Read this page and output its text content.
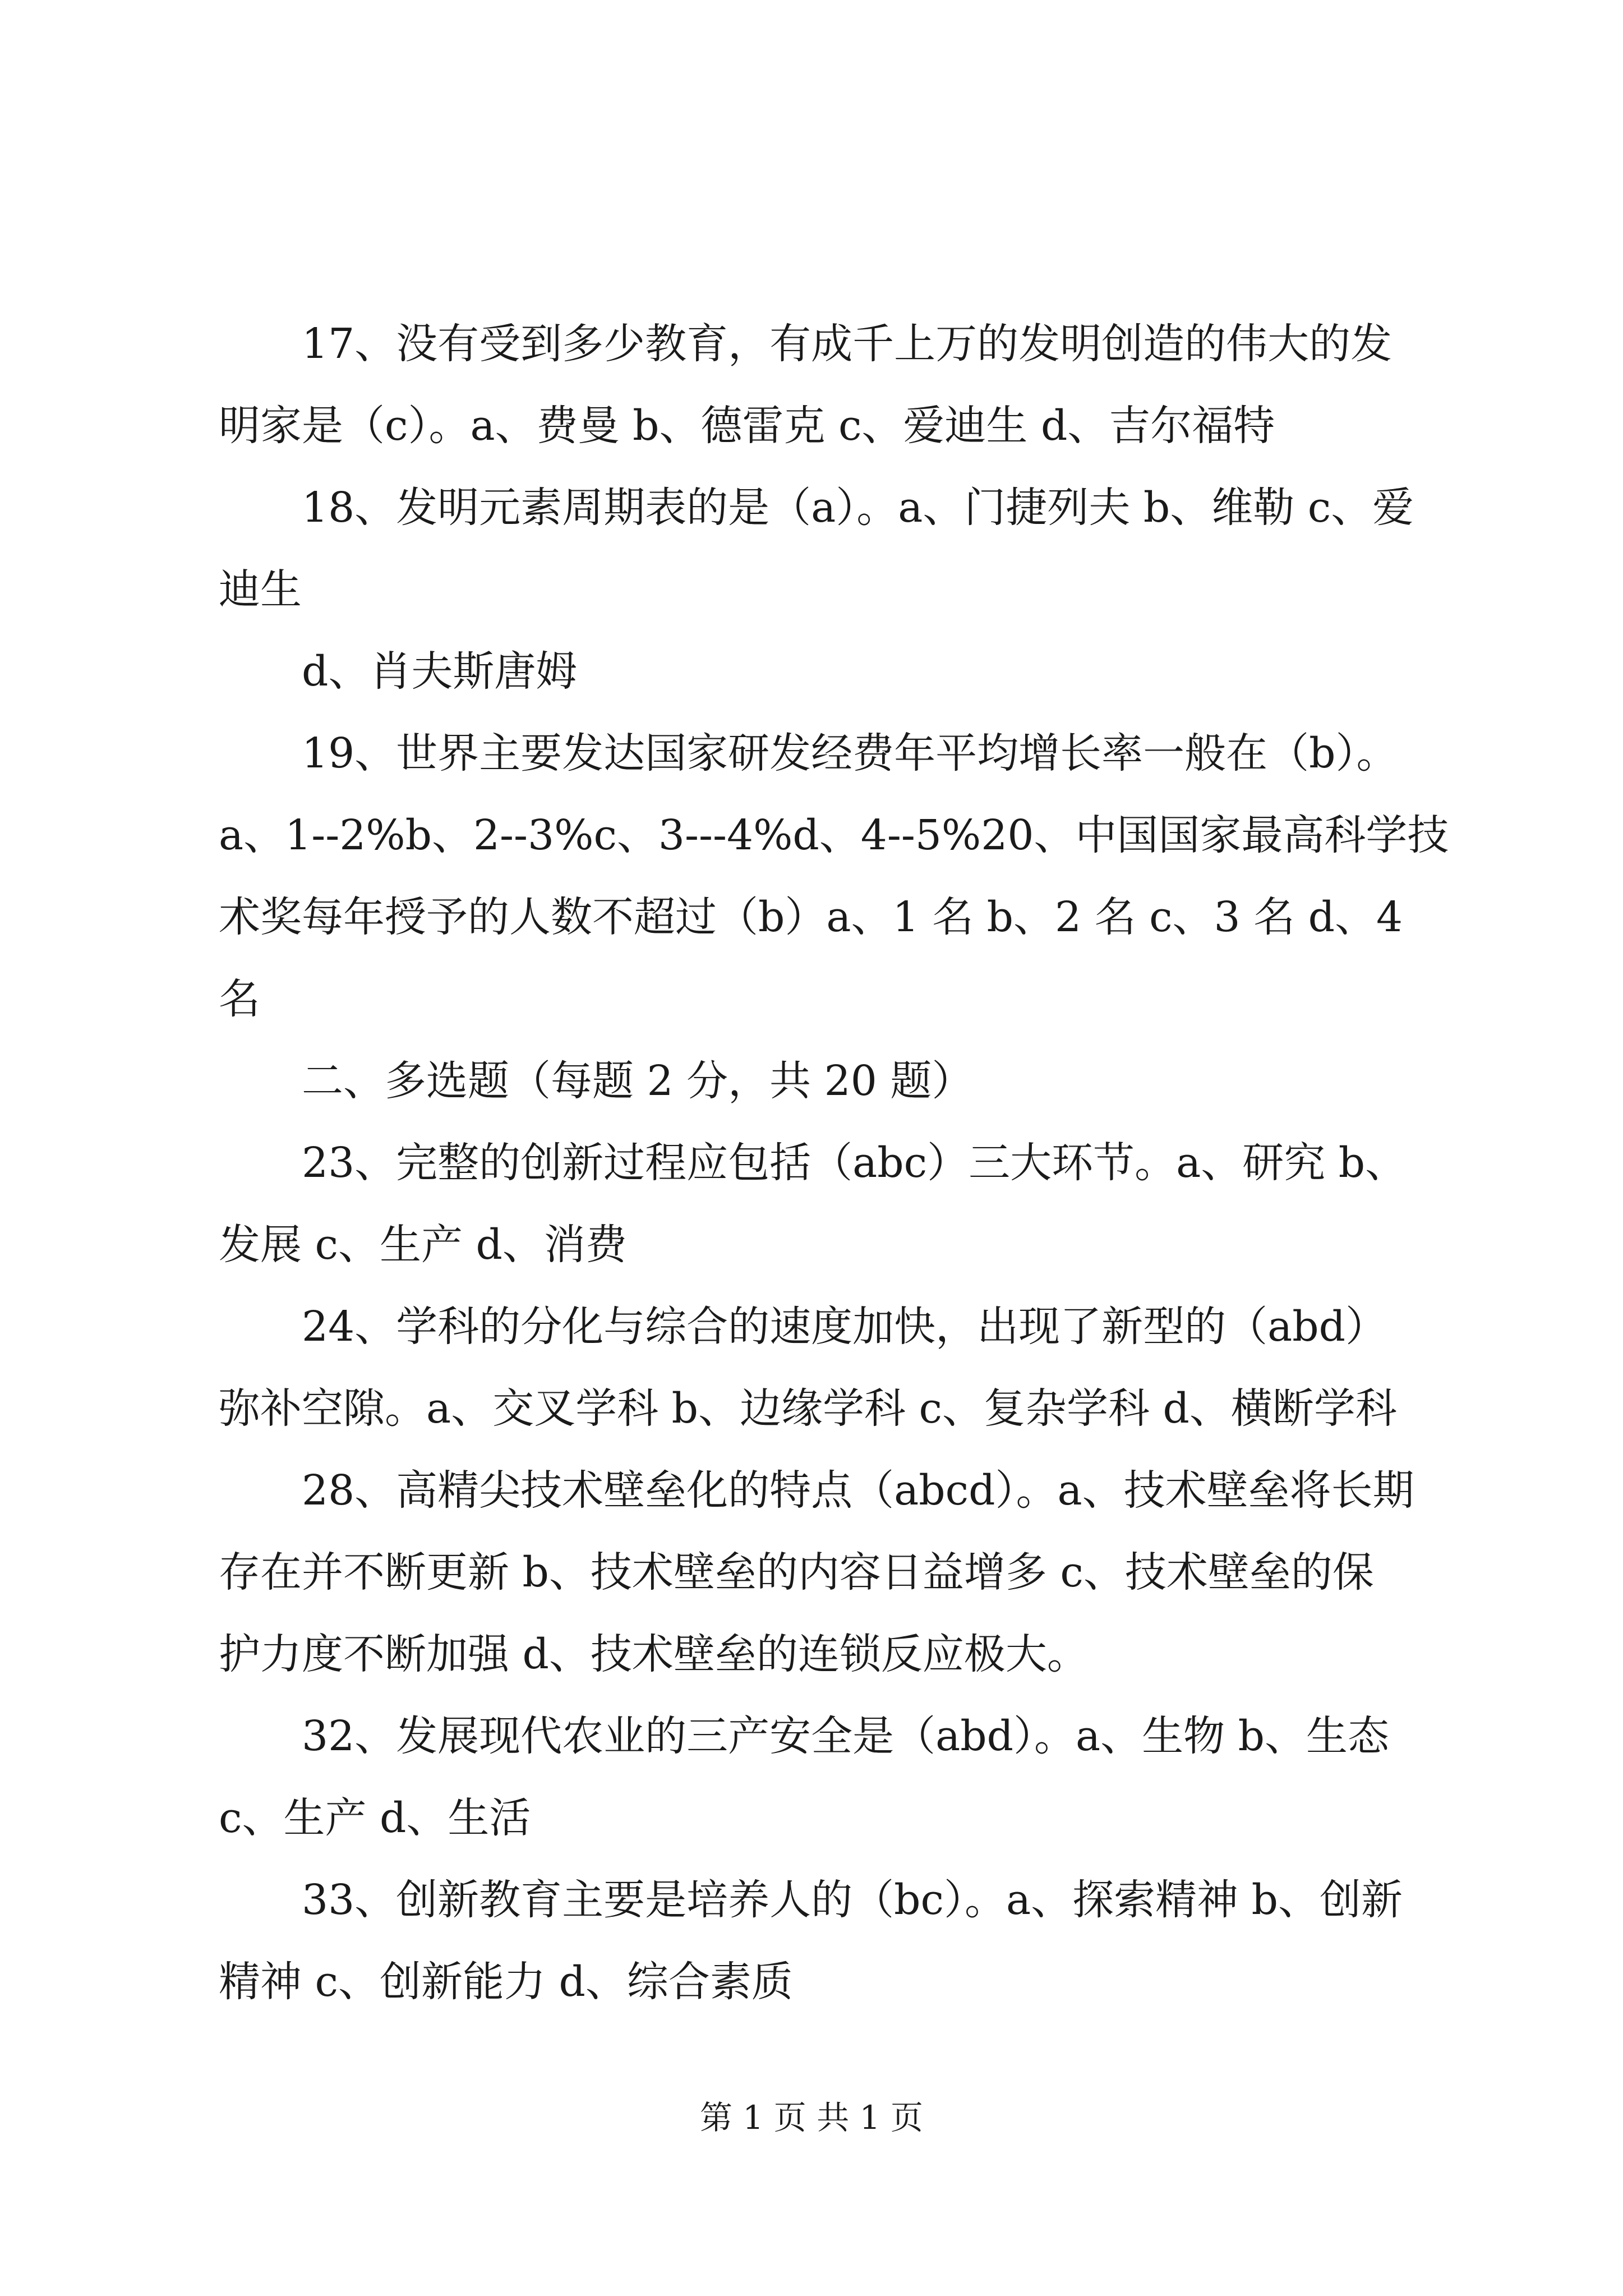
17、没有受到多少教育，有成千上万的发明创造的伟大的发
明家是（c）。a、费曼 b、德雷克 c、爱迪生 d、吉尔福特
18、发明元素周期表的是（a）。a、门捷列夫 b、维勒 c、爱
迪生
d、肖夫斯唐姆
19、世界主要发达国家研发经费年平均增长率一般在（b）。
a、1--2%b、2--3%c、3---4%d、4--5%20、中国国家最高科学技
术奖每年授予的人数不超过（b）a、1 名 b、2 名 c、3 名 d、4
名
二、多选题（每题 2 分，共 20 题）
23、完整的创新过程应包括（abc）三大环节。a、研究 b、
发展 c、生产 d、消费
24、学科的分化与综合的速度加快，出现了新型的（abd）
弥补空隙。a、交叉学科 b、边缘学科 c、复杂学科 d、横断学科
28、高精尖技术壁垒化的特点（abcd）。a、技术壁垒将长期
存在并不断更新 b、技术壁垒的内容日益增多 c、技术壁垒的保
护力度不断加强 d、技术壁垒的连锁反应极大。
32、发展现代农业的三产安全是（abd）。a、生物 b、生态
c、生产 d、生活
33、创新教育主要是培养人的（bc）。a、探索精神 b、创新
精神 c、创新能力 d、综合素质
第 1 页 共 1 页
